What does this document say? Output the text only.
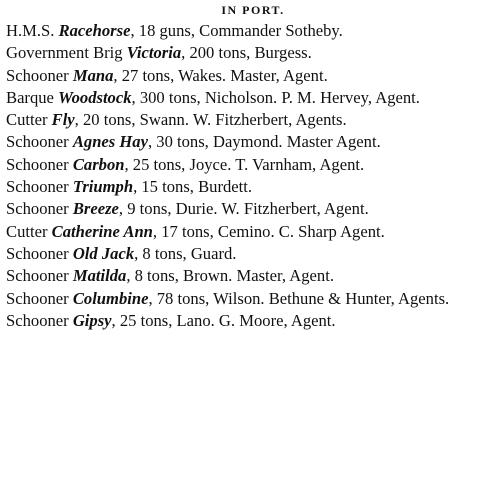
IN PORT.

H.M.S. Racehorse, 18 guns, Commander Sotheby.

Government Brig Victoria, 200 tons, Burgess.

Schooner Mana, 27 tons, Wakes. Master, Agent.

Barque Woodstock, 300 tons, Nicholson. P. M. Hervey, Agent.

Cutter Fly, 20 tons, Swann. W. Fitzherbert, Agents.

Schooner Agnes Hay, 30 tons, Daymond. Master Agent.

Schooner Carbon, 25 tons, Joyce. T. Varnham, Agent.

Schooner Triumph, 15 tons, Burdett.

Schooner Breeze, 9 tons, Durie. W. Fitzherbert, Agent.

Cutter Catherine Ann, 17 tons, Cemino. C. Sharp Agent.

Schooner Old Jack, 8 tons, Guard.

Schooner Matilda, 8 tons, Brown. Master, Agent.

Schooner Columbine, 78 tons, Wilson. Bethune & Hunter, Agents.

Schooner Gipsy, 25 tons, Lano. G. Moore, Agent.
